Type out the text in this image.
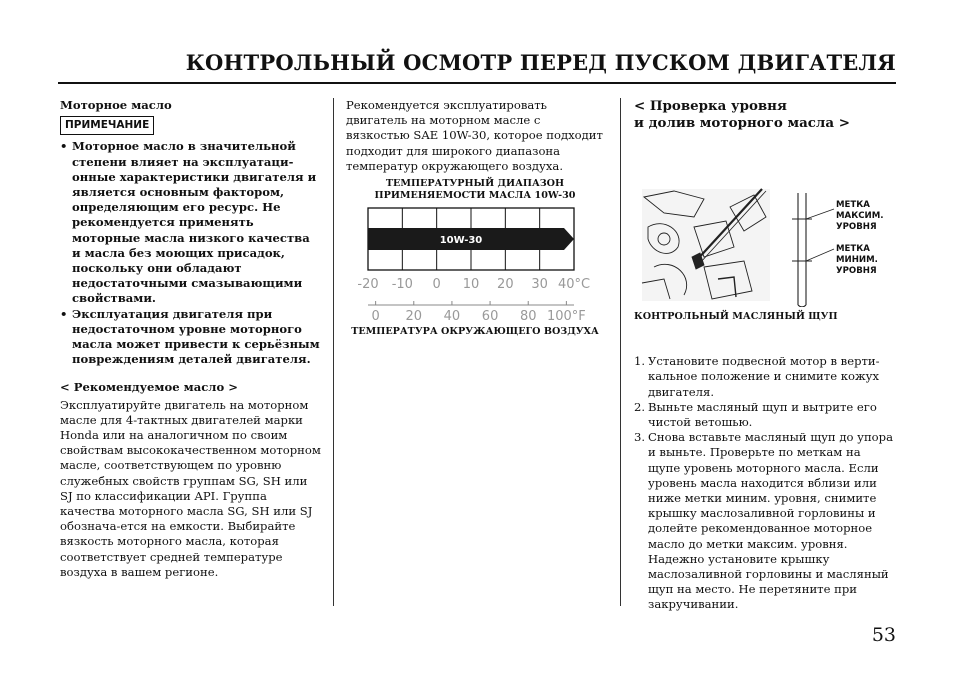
КОНТРОЛЬНЫЙ ОСМОТР ПЕРЕД ПУСКОМ ДВИГАТЕЛЯ
Моторное масло
ПРИМЕЧАНИЕ
• Моторное масло в значительной степени влияет на эксплуатаци-онные характеристики двигателя и является основным фактором, определяющим его ресурс. Не рекомендуется применять моторные масла низкого качества и масла без моющих присадок, поскольку они обладают недостаточными смазывающими свойствами.
• Эксплуатация двигателя при недостаточном уровне моторного масла может привести к серьёзным повреждениям деталей двигателя.
< Рекомендуемое масло >

Эксплуатируйте двигатель на моторном масле для 4-тактных двигателей марки Honda или на аналогичном по своим свойствам высококачественном моторном масле, соответствующем по уровню служебных свойств группам SG, SH или SJ по классификации API. Группа качества моторного масла SG, SH или SJ обознача-ется на емкости. Выбирайте вязкость моторного масла, которая соответствует средней температуре воздуха в вашем регионе.

Рекомендуется эксплуатировать двигатель на моторном масле с вязкостью SAE 10W-30, которое подходит подходит для широкого диапазона температур окружающего воздуха.

ТЕМПЕРАТУРНЫЙ ДИАПАЗОН
ПРИМЕНЯЕМОСТИ МАСЛА 10W-30
10W-30
-20 -10 0 10 20 30 40°C
0 20 40 60 80 100°F
ТЕМПЕРАТУРА ОКРУЖАЮЩЕГО ВОЗДУХА
< Проверка уровня
и долив моторного масла >
МЕТКА
МАКСИМ.
УРОВНЯ
МЕТКА
МИНИМ.
УРОВНЯ
КОНТРОЛЬНЫЙ МАСЛЯНЫЙ ЩУП
1. Установите подвесной мотор в верти-кальное положение и снимите кожух двигателя.
2. Выньте масляный щуп и вытрите его чистой ветошью.
3. Снова вставьте масляный щуп до упора и выньте. Проверьте по меткам на щупе уровень моторного масла. Если уровень масла находится вблизи или ниже метки миним. уровня, снимите крышку маслозаливной горловины и долейте рекомендованное моторное масло до метки максим. уровня. Надежно установите крышку маслозаливной горловины и масляный щуп на место. Не перетяните при закручивании.
53
